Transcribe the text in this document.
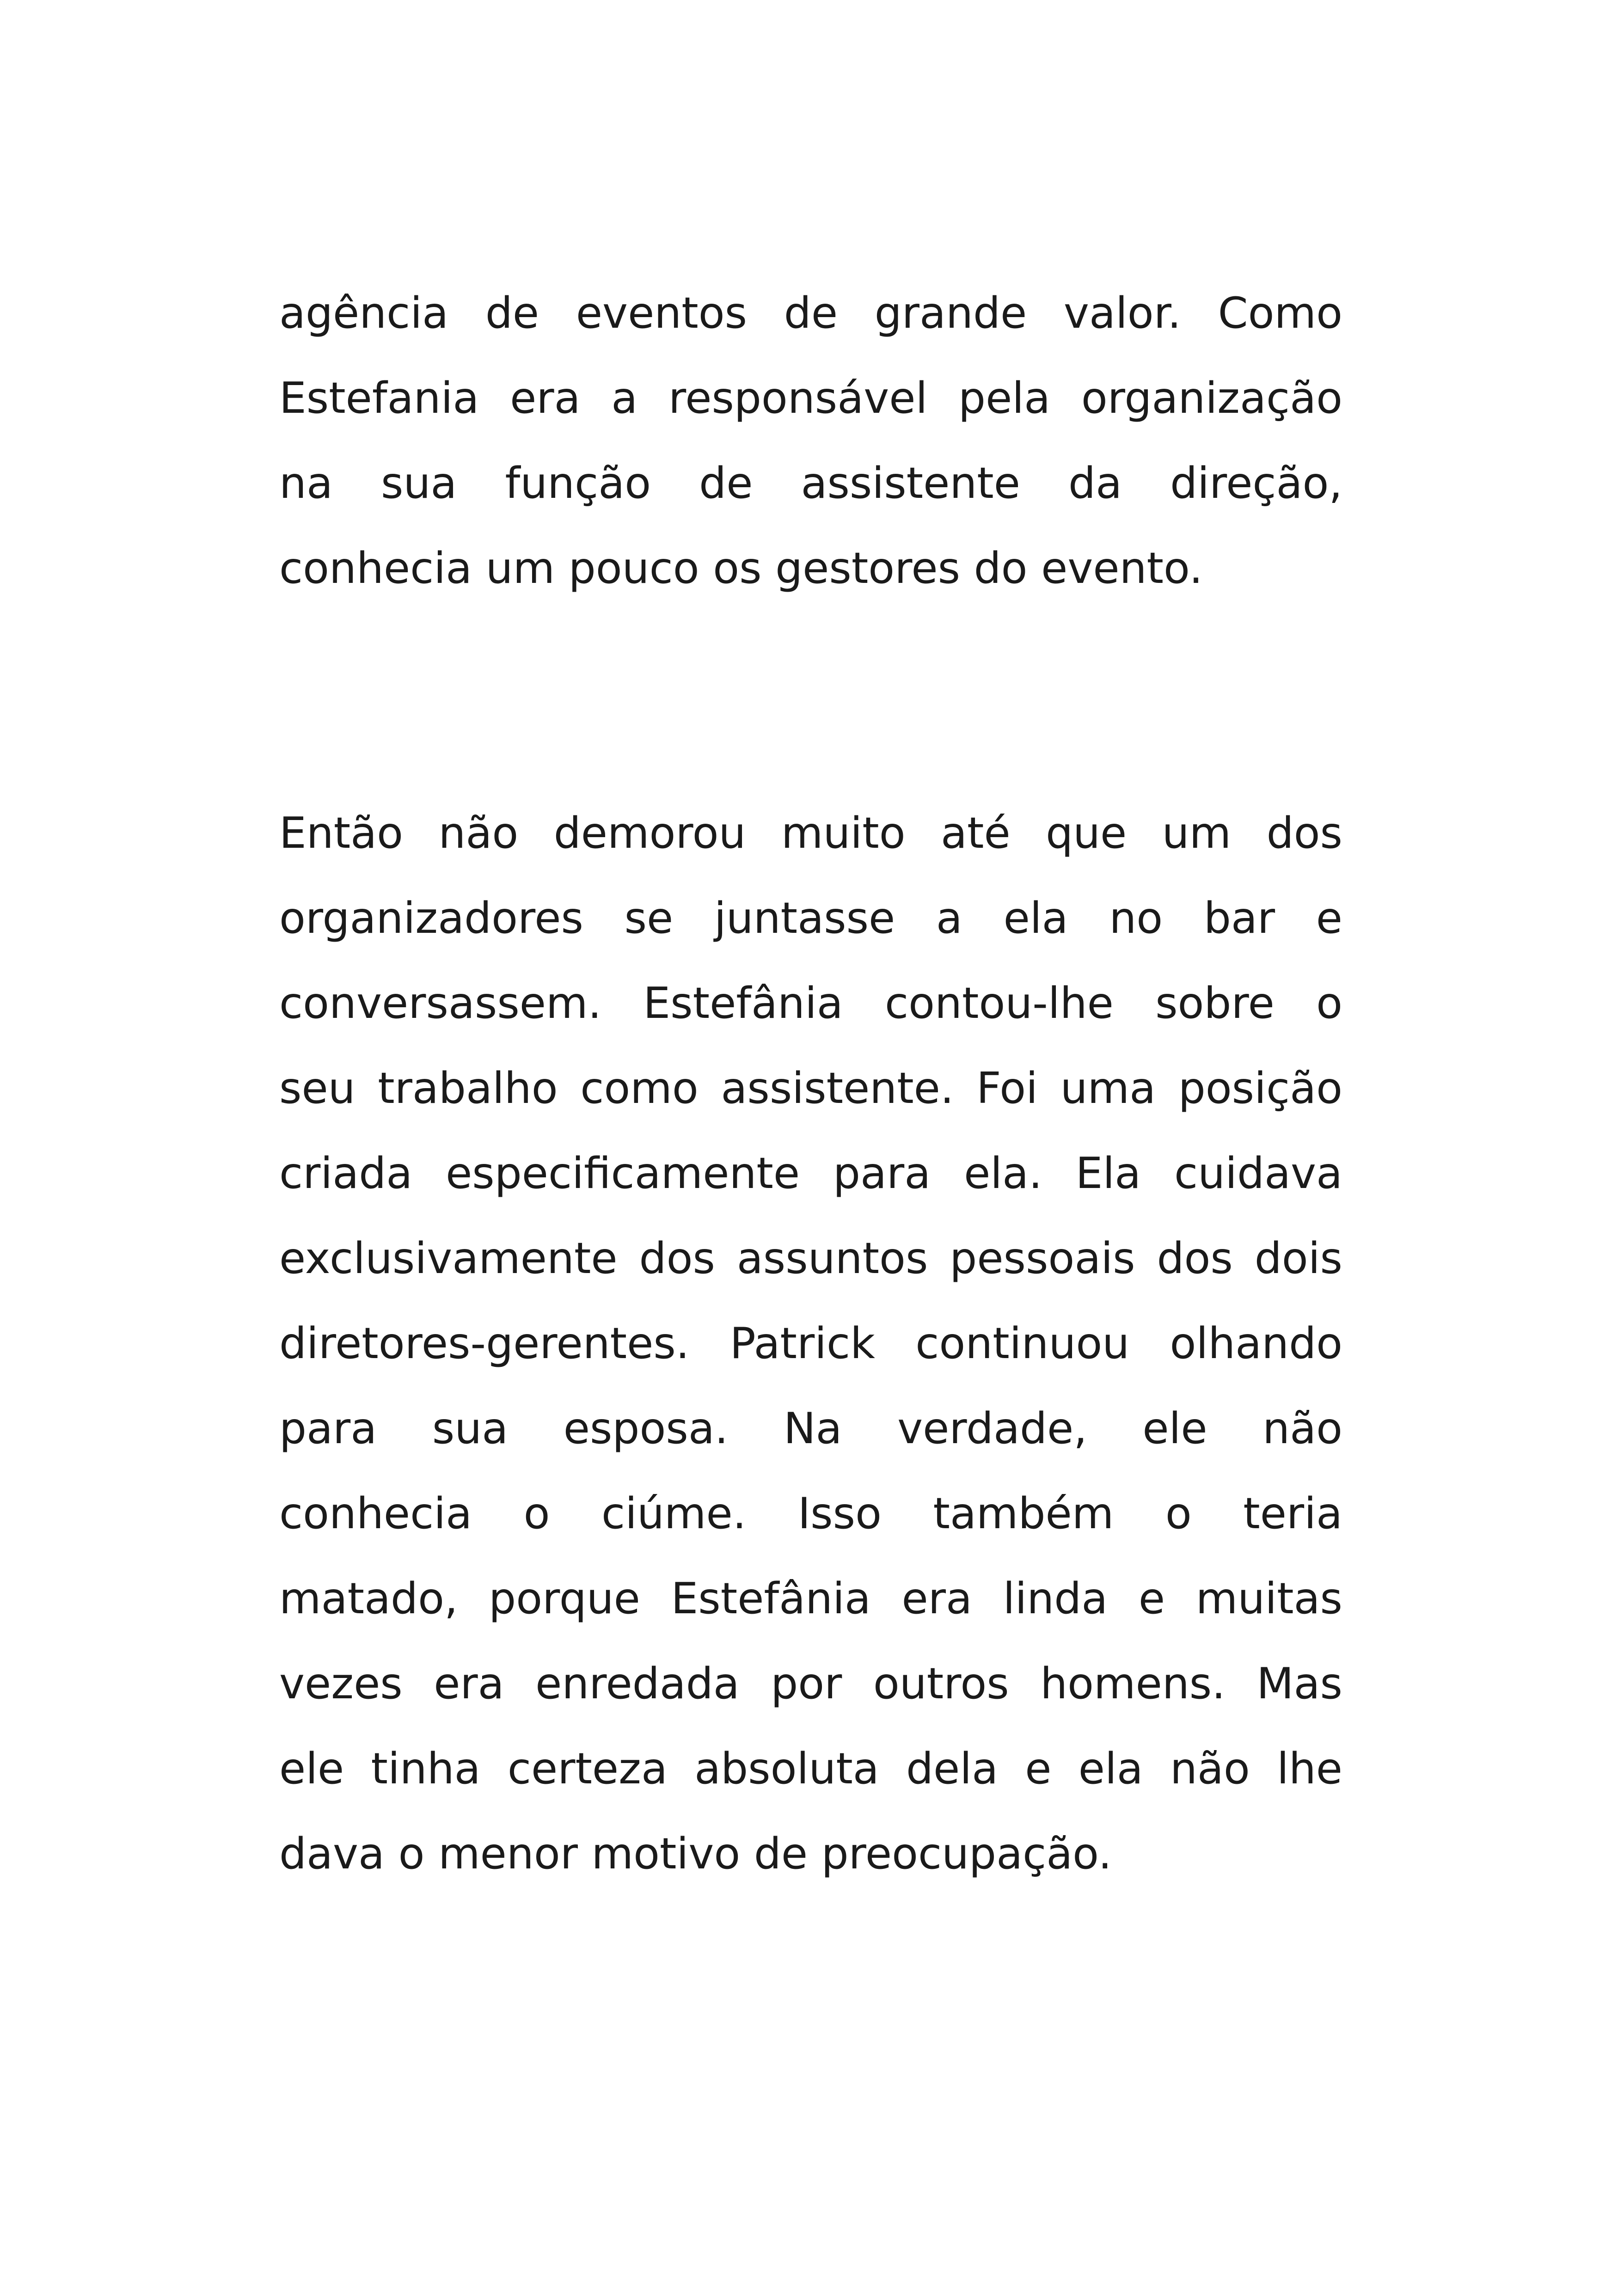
agência de eventos de grande valor. Como
Estefania era a responsável pela organização
na sua função de assistente da direção,
conhecia um pouco os gestores do evento.
Então não demorou muito até que um dos
organizadores se juntasse a ela no bar e
conversassem. Estefânia contou-lhe sobre o
seu trabalho como assistente. Foi uma posição
criada especificamente para ela. Ela cuidava
exclusivamente dos assuntos pessoais dos dois
diretores-gerentes. Patrick continuou olhando
para sua esposa. Na verdade, ele não
conhecia o ciúme. Isso também o teria
matado, porque Estefânia era linda e muitas
vezes era enredada por outros homens. Mas
ele tinha certeza absoluta dela e ela não lhe
dava o menor motivo de preocupação.
